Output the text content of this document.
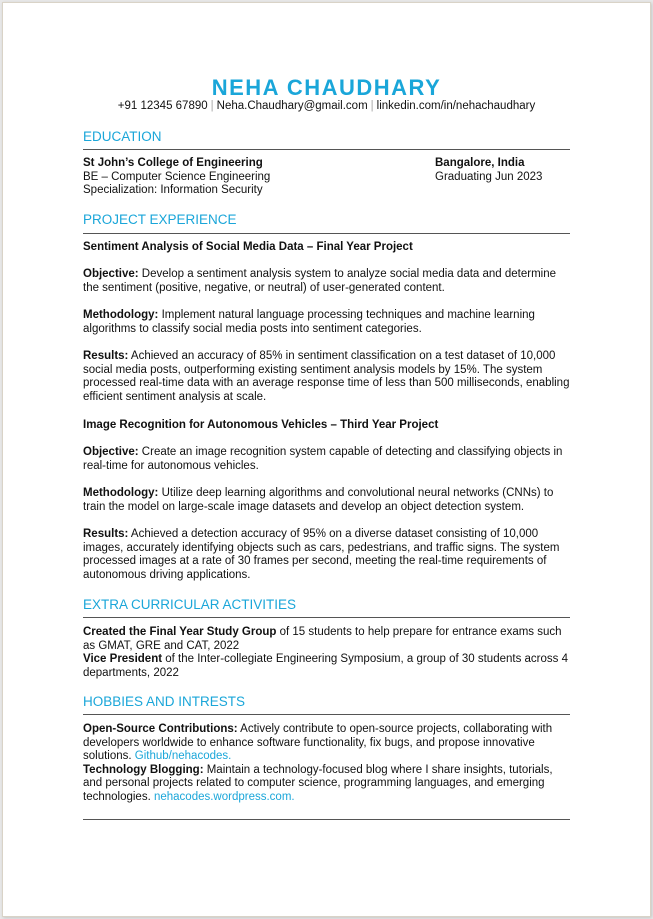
NEHA CHAUDHARY
+91 12345 67890 | Neha.Chaudhary@gmail.com | linkedin.com/in/nehachaudhary
EDUCATION

St John’s College of Engineering

BE – Computer Science Engineering

Specialization: Information Security

Bangalore, India

Graduating Jun 2023

PROJECT EXPERIENCE
Sentiment Analysis of Social Media Data – Final Year Project
Objective: Develop a sentiment analysis system to analyze social media data and determine the sentiment (positive, negative, or neutral) of user-generated content.
Methodology: Implement natural language processing techniques and machine learning algorithms to classify social media posts into sentiment categories.
Results: Achieved an accuracy of 85% in sentiment classification on a test dataset of 10,000 social media posts, outperforming existing sentiment analysis models by 15%. The system processed real-time data with an average response time of less than 500 milliseconds, enabling efficient sentiment analysis at scale.
Image Recognition for Autonomous Vehicles – Third Year Project
Objective: Create an image recognition system capable of detecting and classifying objects in real-time for autonomous vehicles.
Methodology: Utilize deep learning algorithms and convolutional neural networks (CNNs) to train the model on large-scale image datasets and develop an object detection system.
Results: Achieved a detection accuracy of 95% on a diverse dataset consisting of 10,000 images, accurately identifying objects such as cars, pedestrians, and traffic signs. The system processed images at a rate of 30 frames per second, meeting the real-time requirements of autonomous driving applications.
EXTRA CURRICULAR ACTIVITIES

Created the Final Year Study Group of 15 students to help prepare for entrance exams such as GMAT, GRE and CAT, 2022

Vice President of the Inter-collegiate Engineering Symposium, a group of 30 students across 4 departments, 2022

HOBBIES AND INTRESTS

Open-Source Contributions: Actively contribute to open-source projects, collaborating with developers worldwide to enhance software functionality, fix bugs, and propose innovative solutions. Github/nehacodes.

Technology Blogging: Maintain a technology-focused blog where I share insights, tutorials, and personal projects related to computer science, programming languages, and emerging technologies. nehacodes.wordpress.com.
